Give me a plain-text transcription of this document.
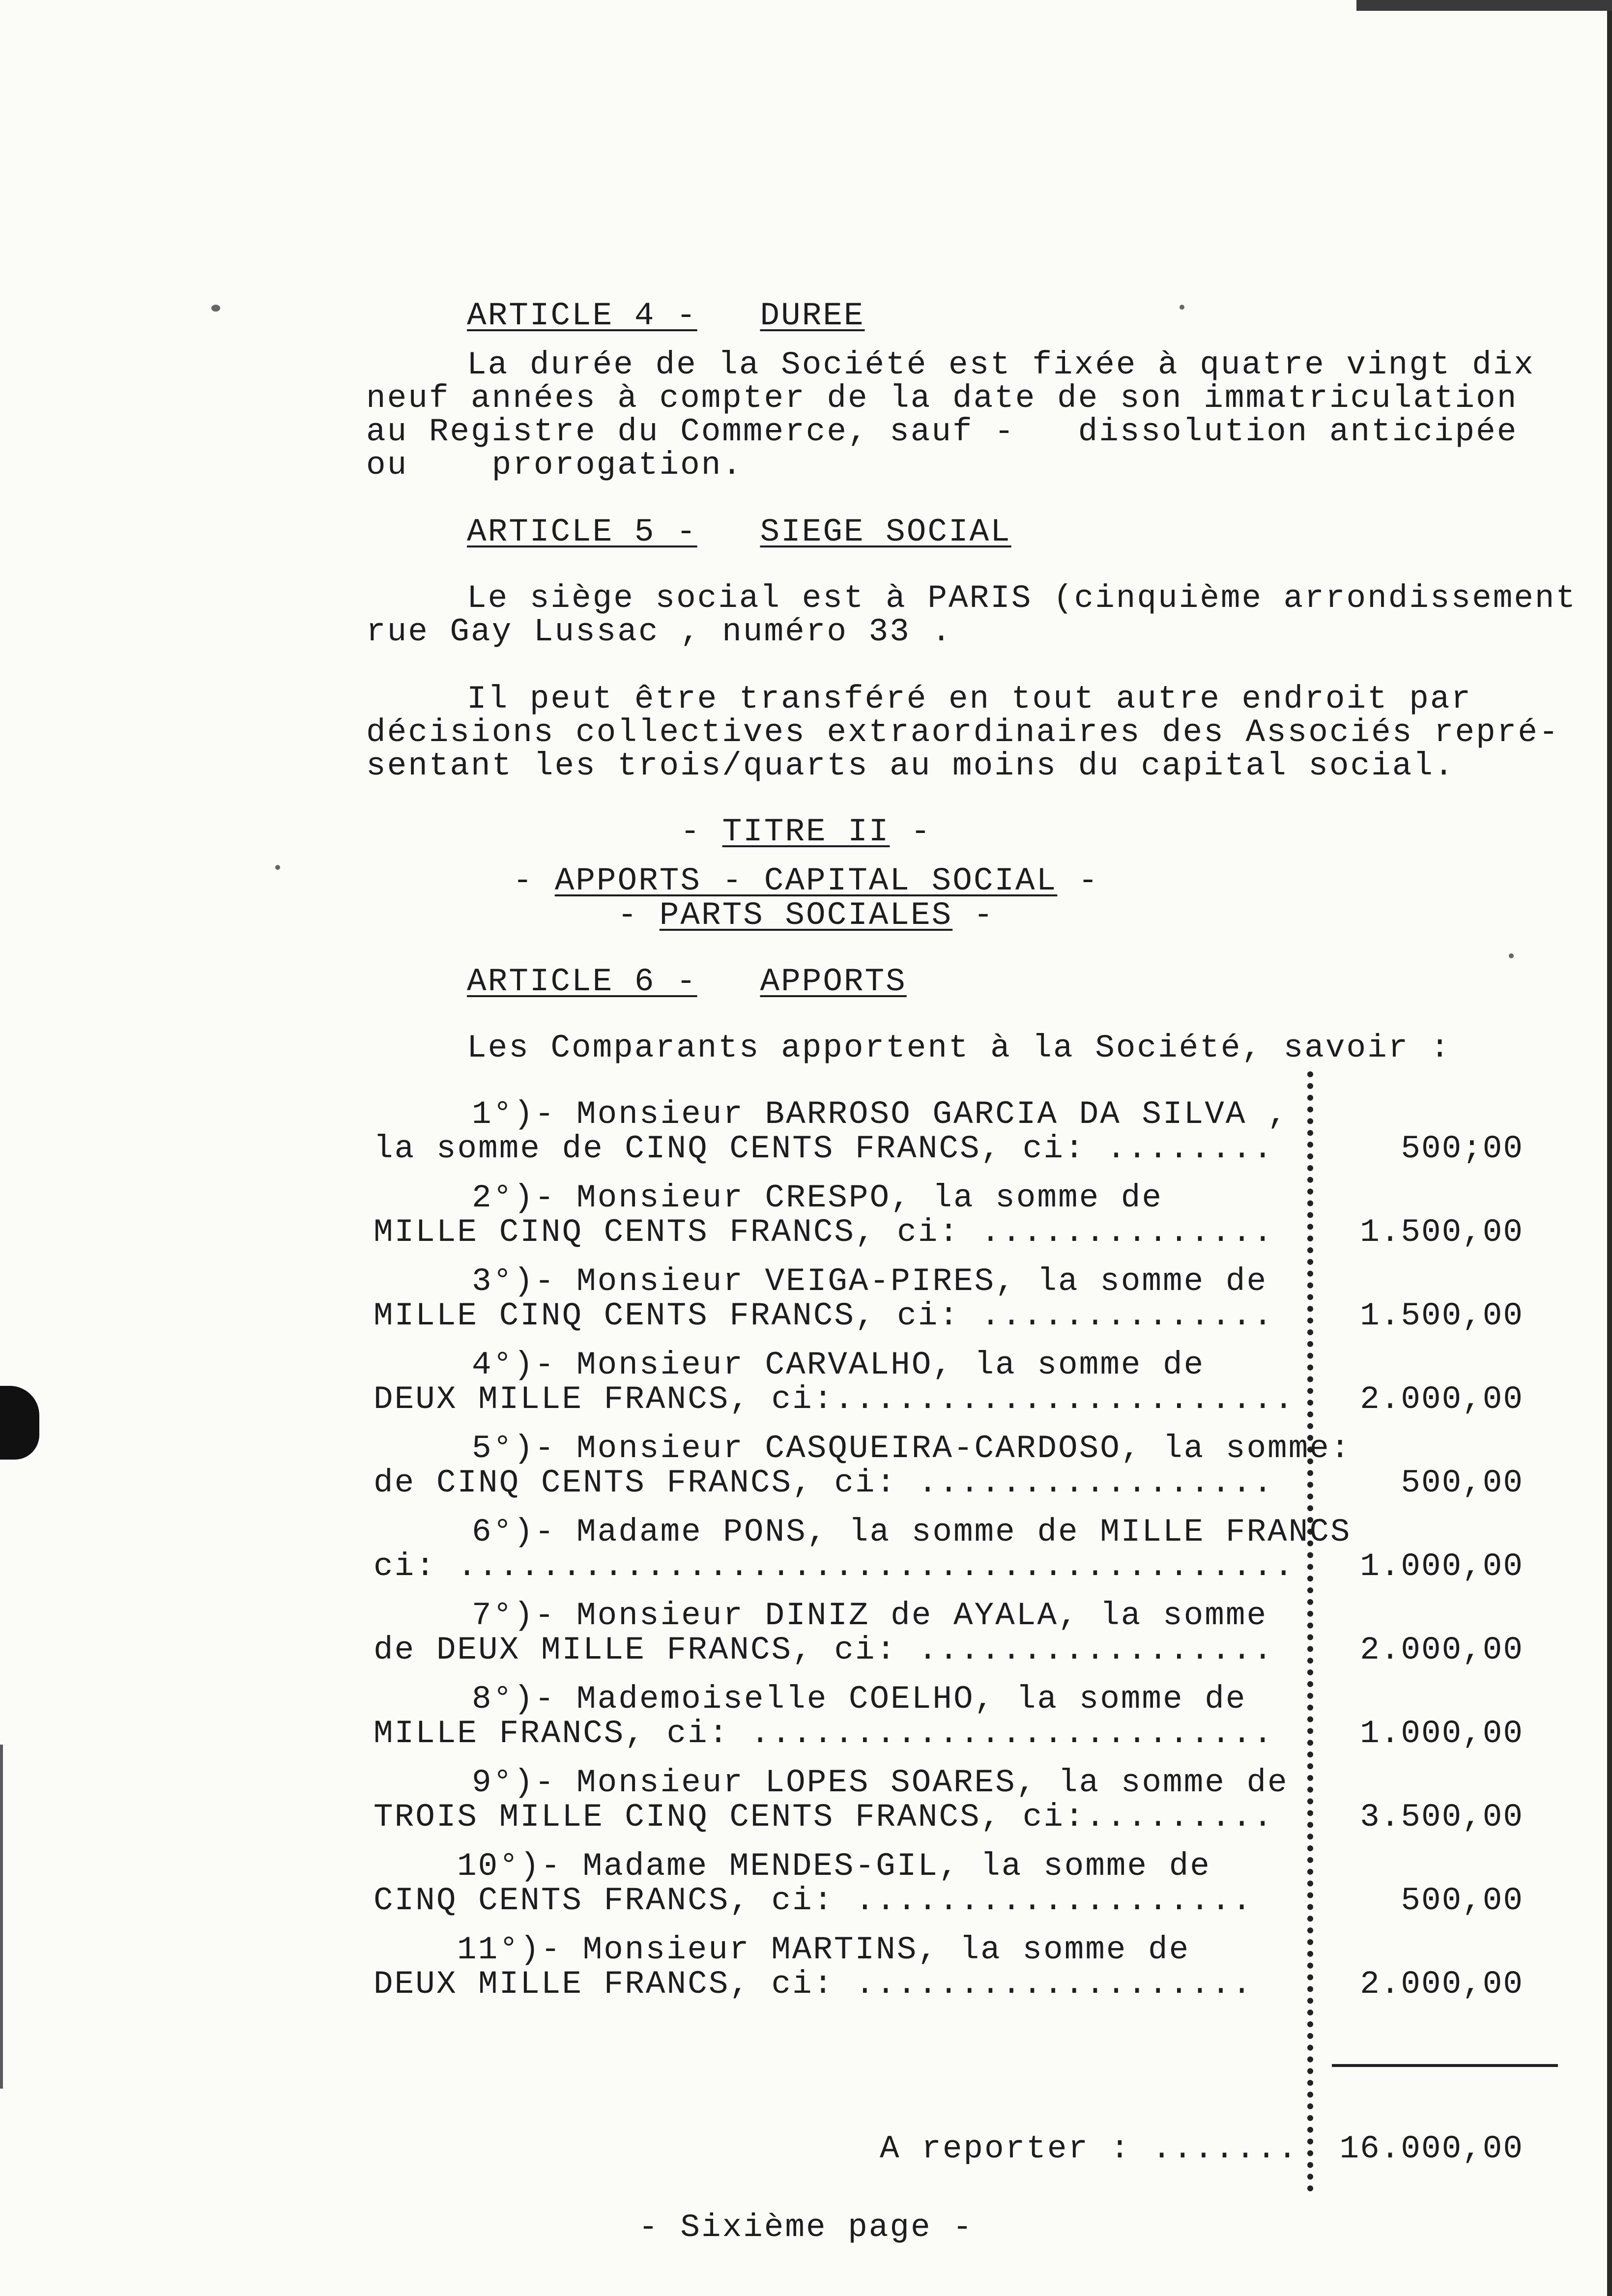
ARTICLE 4 - DUREE
La durée de la Société est fixée à quatre vingt dix
neuf années à compter de la date de son immatriculation
au Registre du Commerce, sauf -   dissolution anticipée
ou    prorogation.
ARTICLE 5 - SIEGE SOCIAL
Le siège social est à PARIS (cinquième arrondissement
rue Gay Lussac , numéro 33 .
Il peut être transféré en tout autre endroit par
décisions collectives extraordinaires des Associés repré-
sentant les trois/quarts au moins du capital social.
- TITRE II -
- APPORTS - CAPITAL SOCIAL -
- PARTS SOCIALES -
ARTICLE 6 - APPORTS
Les Comparants apportent à la Société, savoir :
1°)- Monsieur BARROSO GARCIA DA SILVA ,
la somme de CINQ CENTS FRANCS, ci: ........	500;00
2°)- Monsieur CRESPO, la somme de
MILLE CINQ CENTS FRANCS, ci: ..............	1.500,00
3°)- Monsieur VEIGA-PIRES, la somme de
MILLE CINQ CENTS FRANCS, ci: ..............	1.500,00
4°)- Monsieur CARVALHO, la somme de
DEUX MILLE FRANCS, ci:......................	2.000,00
5°)- Monsieur CASQUEIRA-CARDOSO, la somme:
de CINQ CENTS FRANCS, ci: .................	500,00
6°)- Madame PONS, la somme de MILLE FRANCS
ci: ........................................	1.000,00
7°)- Monsieur DINIZ de AYALA, la somme
de DEUX MILLE FRANCS, ci: .................	2.000,00
8°)- Mademoiselle COELHO, la somme de
MILLE FRANCS, ci: .........................	1.000,00
9°)- Monsieur LOPES SOARES, la somme de
TROIS MILLE CINQ CENTS FRANCS, ci:.........	3.500,00
10°)- Madame MENDES-GIL, la somme de
CINQ CENTS FRANCS, ci: ...................	500,00
11°)- Monsieur MARTINS, la somme de
DEUX MILLE FRANCS, ci: ...................	2.000,00
A reporter : ....... 16.000,00
- Sixième page -
